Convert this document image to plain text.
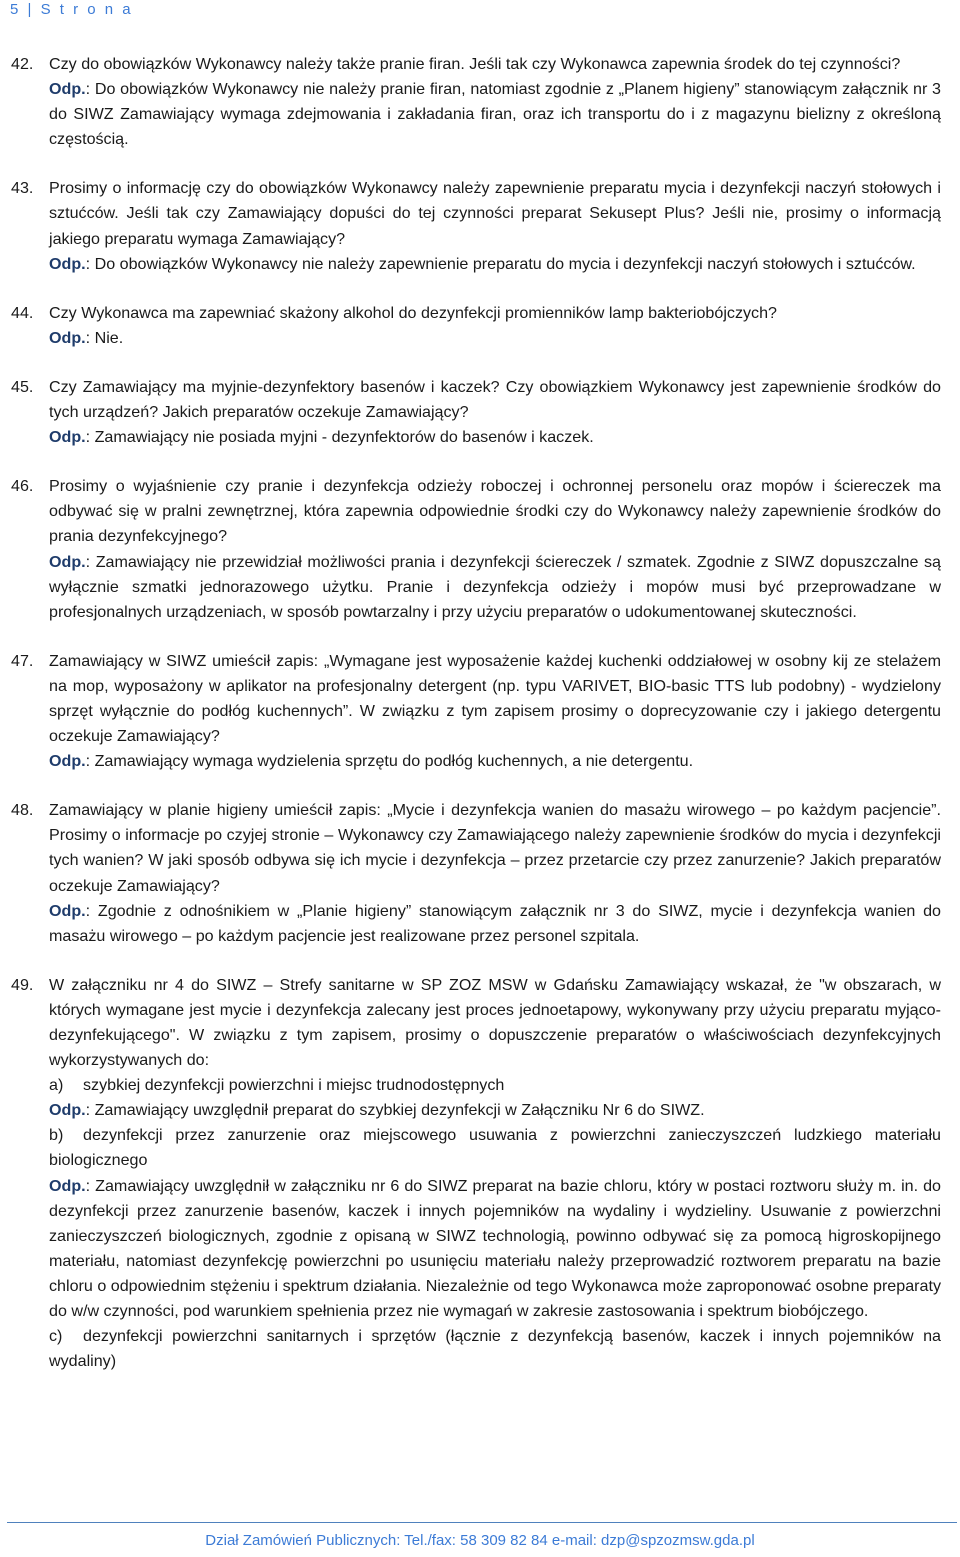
5 | S t r o n a
42. Czy do obowiązków Wykonawcy należy także pranie firan. Jeśli tak czy Wykonawca zapewnia środek do tej czynności?

Odp.: Do obowiązków Wykonawcy nie należy pranie firan, natomiast zgodnie z „Planem higieny” stanowiącym załącznik nr 3 do SIWZ Zamawiający wymaga zdejmowania i zakładania firan, oraz ich transportu do i z magazynu bielizny z określoną częstością.

43. Prosimy o informację czy do obowiązków Wykonawcy należy zapewnienie preparatu mycia i dezynfekcji naczyń stołowych i sztućców. Jeśli tak czy Zamawiający dopuści do tej czynności preparat Sekusept Plus? Jeśli nie, prosimy o informacją jakiego preparatu wymaga Zamawiający?

Odp.: Do obowiązków Wykonawcy nie należy zapewnienie preparatu do mycia i dezynfekcji naczyń stołowych i sztućców.

44. Czy Wykonawca ma zapewniać skażony alkohol do dezynfekcji promienników lamp bakteriobójczych?

Odp.: Nie.

45. Czy Zamawiający ma myjnie-dezynfektory basenów i kaczek? Czy obowiązkiem Wykonawcy jest zapewnienie środków do tych urządzeń? Jakich preparatów oczekuje Zamawiający?

Odp.: Zamawiający nie posiada myjni - dezynfektorów do basenów i kaczek.

46. Prosimy o wyjaśnienie czy pranie i dezynfekcja odzieży roboczej i ochronnej personelu oraz mopów i ściereczek ma odbywać się w pralni zewnętrznej, która zapewnia odpowiednie środki czy do Wykonawcy należy zapewnienie środków do prania dezynfekcyjnego?

Odp.: Zamawiający nie przewidział możliwości prania i dezynfekcji ściereczek / szmatek. Zgodnie z SIWZ dopuszczalne są wyłącznie szmatki jednorazowego użytku. Pranie i dezynfekcja odzieży i mopów musi być przeprowadzane w profesjonalnych urządzeniach, w sposób powtarzalny i przy użyciu preparatów o udokumentowanej skuteczności.

47. Zamawiający w SIWZ umieścił zapis: „Wymagane jest wyposażenie każdej kuchenki oddziałowej w osobny kij ze stelażem na mop, wyposażony w aplikator na profesjonalny detergent (np. typu VARIVET, BIO-basic TTS lub podobny) - wydzielony sprzęt wyłącznie do podłóg kuchennych”. W związku z tym zapisem prosimy o doprecyzowanie czy i jakiego detergentu oczekuje Zamawiający?

Odp.: Zamawiający wymaga wydzielenia sprzętu do podłóg kuchennych, a nie detergentu.

48. Zamawiający w planie higieny umieścił zapis: „Mycie i dezynfekcja wanien do masażu wirowego – po każdym pacjencie”. Prosimy o informacje po czyjej stronie – Wykonawcy czy Zamawiającego należy zapewnienie środków do mycia i dezynfekcji tych wanien? W jaki sposób odbywa się ich mycie i dezynfekcja – przez przetarcie czy przez zanurzenie? Jakich preparatów oczekuje Zamawiający?

Odp.: Zgodnie z odnośnikiem w „Planie higieny” stanowiącym załącznik nr 3 do SIWZ, mycie i dezynfekcja wanien do masażu wirowego – po każdym pacjencie jest realizowane przez personel szpitala.

49. W załączniku nr 4 do SIWZ – Strefy sanitarne w SP ZOZ MSW w Gdańsku Zamawiający wskazał, że "w obszarach, w których wymagane jest mycie i dezynfekcja zalecany jest proces jednoetapowy, wykonywany przy użyciu preparatu myjąco-dezynfekującego". W związku z tym zapisem, prosimy o dopuszczenie preparatów o właściwościach dezynfekcyjnych wykorzystywanych do:

a) szybkiej dezynfekcji powierzchni i miejsc trudnodostępnych

Odp.: Zamawiający uwzględnił preparat do szybkiej dezynfekcji w Załączniku Nr 6 do SIWZ.

b) dezynfekcji przez zanurzenie oraz miejscowego usuwania z powierzchni zanieczyszczeń ludzkiego materiału biologicznego

Odp.: Zamawiający uwzględnił w załączniku nr 6 do SIWZ preparat na bazie chloru, który w postaci roztworu służy m. in. do dezynfekcji przez zanurzenie basenów, kaczek i innych pojemników na wydaliny i wydzieliny. Usuwanie z powierzchni zanieczyszczeń biologicznych, zgodnie z opisaną w SIWZ technologią, powinno odbywać się za pomocą higroskopijnego materiału, natomiast dezynfekcję powierzchni po usunięciu materiału należy przeprowadzić roztworem preparatu na bazie chloru o odpowiednim stężeniu i spektrum działania. Niezależnie od tego Wykonawca może zaproponować osobne preparaty do w/w czynności, pod warunkiem spełnienia przez nie wymagań w zakresie zastosowania i spektrum biobójczego.

c) dezynfekcji powierzchni sanitarnych i sprzętów (łącznie z dezynfekcją basenów, kaczek i innych pojemników na wydaliny)

Dział Zamówień Publicznych: Tel./fax: 58 309 82 84 e-mail: dzp@spzozmsw.gda.pl
